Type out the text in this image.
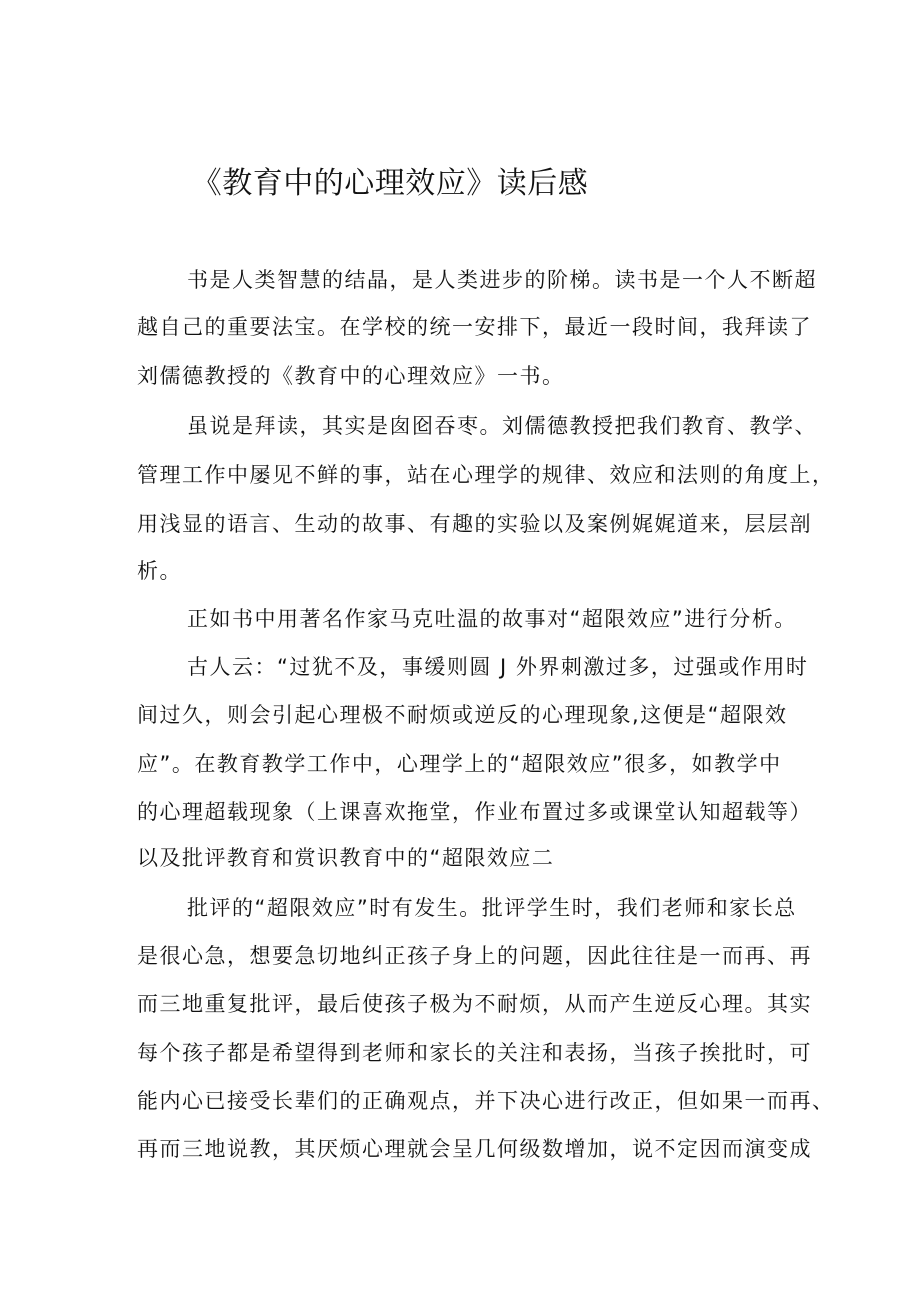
《教育中的心理效应》读后感
书是人类智慧的结晶，是人类进步的阶梯。读书是一个人不断超
越自己的重要法宝。在学校的统一安排下，最近一段时间，我拜读了
刘儒德教授的《教育中的心理效应》一书。
虽说是拜读，其实是囱囵吞枣。刘儒德教授把我们教育、教学、
管理工作中屡见不鲜的事，站在心理学的规律、效应和法则的角度上，
用浅显的语言、生动的故事、有趣的实验以及案例娓娓道来，层层剖
析。
正如书中用著名作家马克吐温的故事对“超限效应”进行分析。
古人云：“过犹不及，事缓则圆 J 外界刺激过多，过强或作用时
间过久，则会引起心理极不耐烦或逆反的心理现象,这便是“超限效
应”。在教育教学工作中，心理学上的“超限效应”很多，如教学中
的心理超载现象（上课喜欢拖堂，作业布置过多或课堂认知超载等）
以及批评教育和赏识教育中的“超限效应二
批评的“超限效应”时有发生。批评学生时，我们老师和家长总
是很心急，想要急切地纠正孩子身上的问题，因此往往是一而再、再
而三地重复批评，最后使孩子极为不耐烦，从而产生逆反心理。其实
每个孩子都是希望得到老师和家长的关注和表扬，当孩子挨批时，可
能内心已接受长辈们的正确观点，并下决心进行改正，但如果一而再、
再而三地说教，其厌烦心理就会呈几何级数增加，说不定因而演变成
